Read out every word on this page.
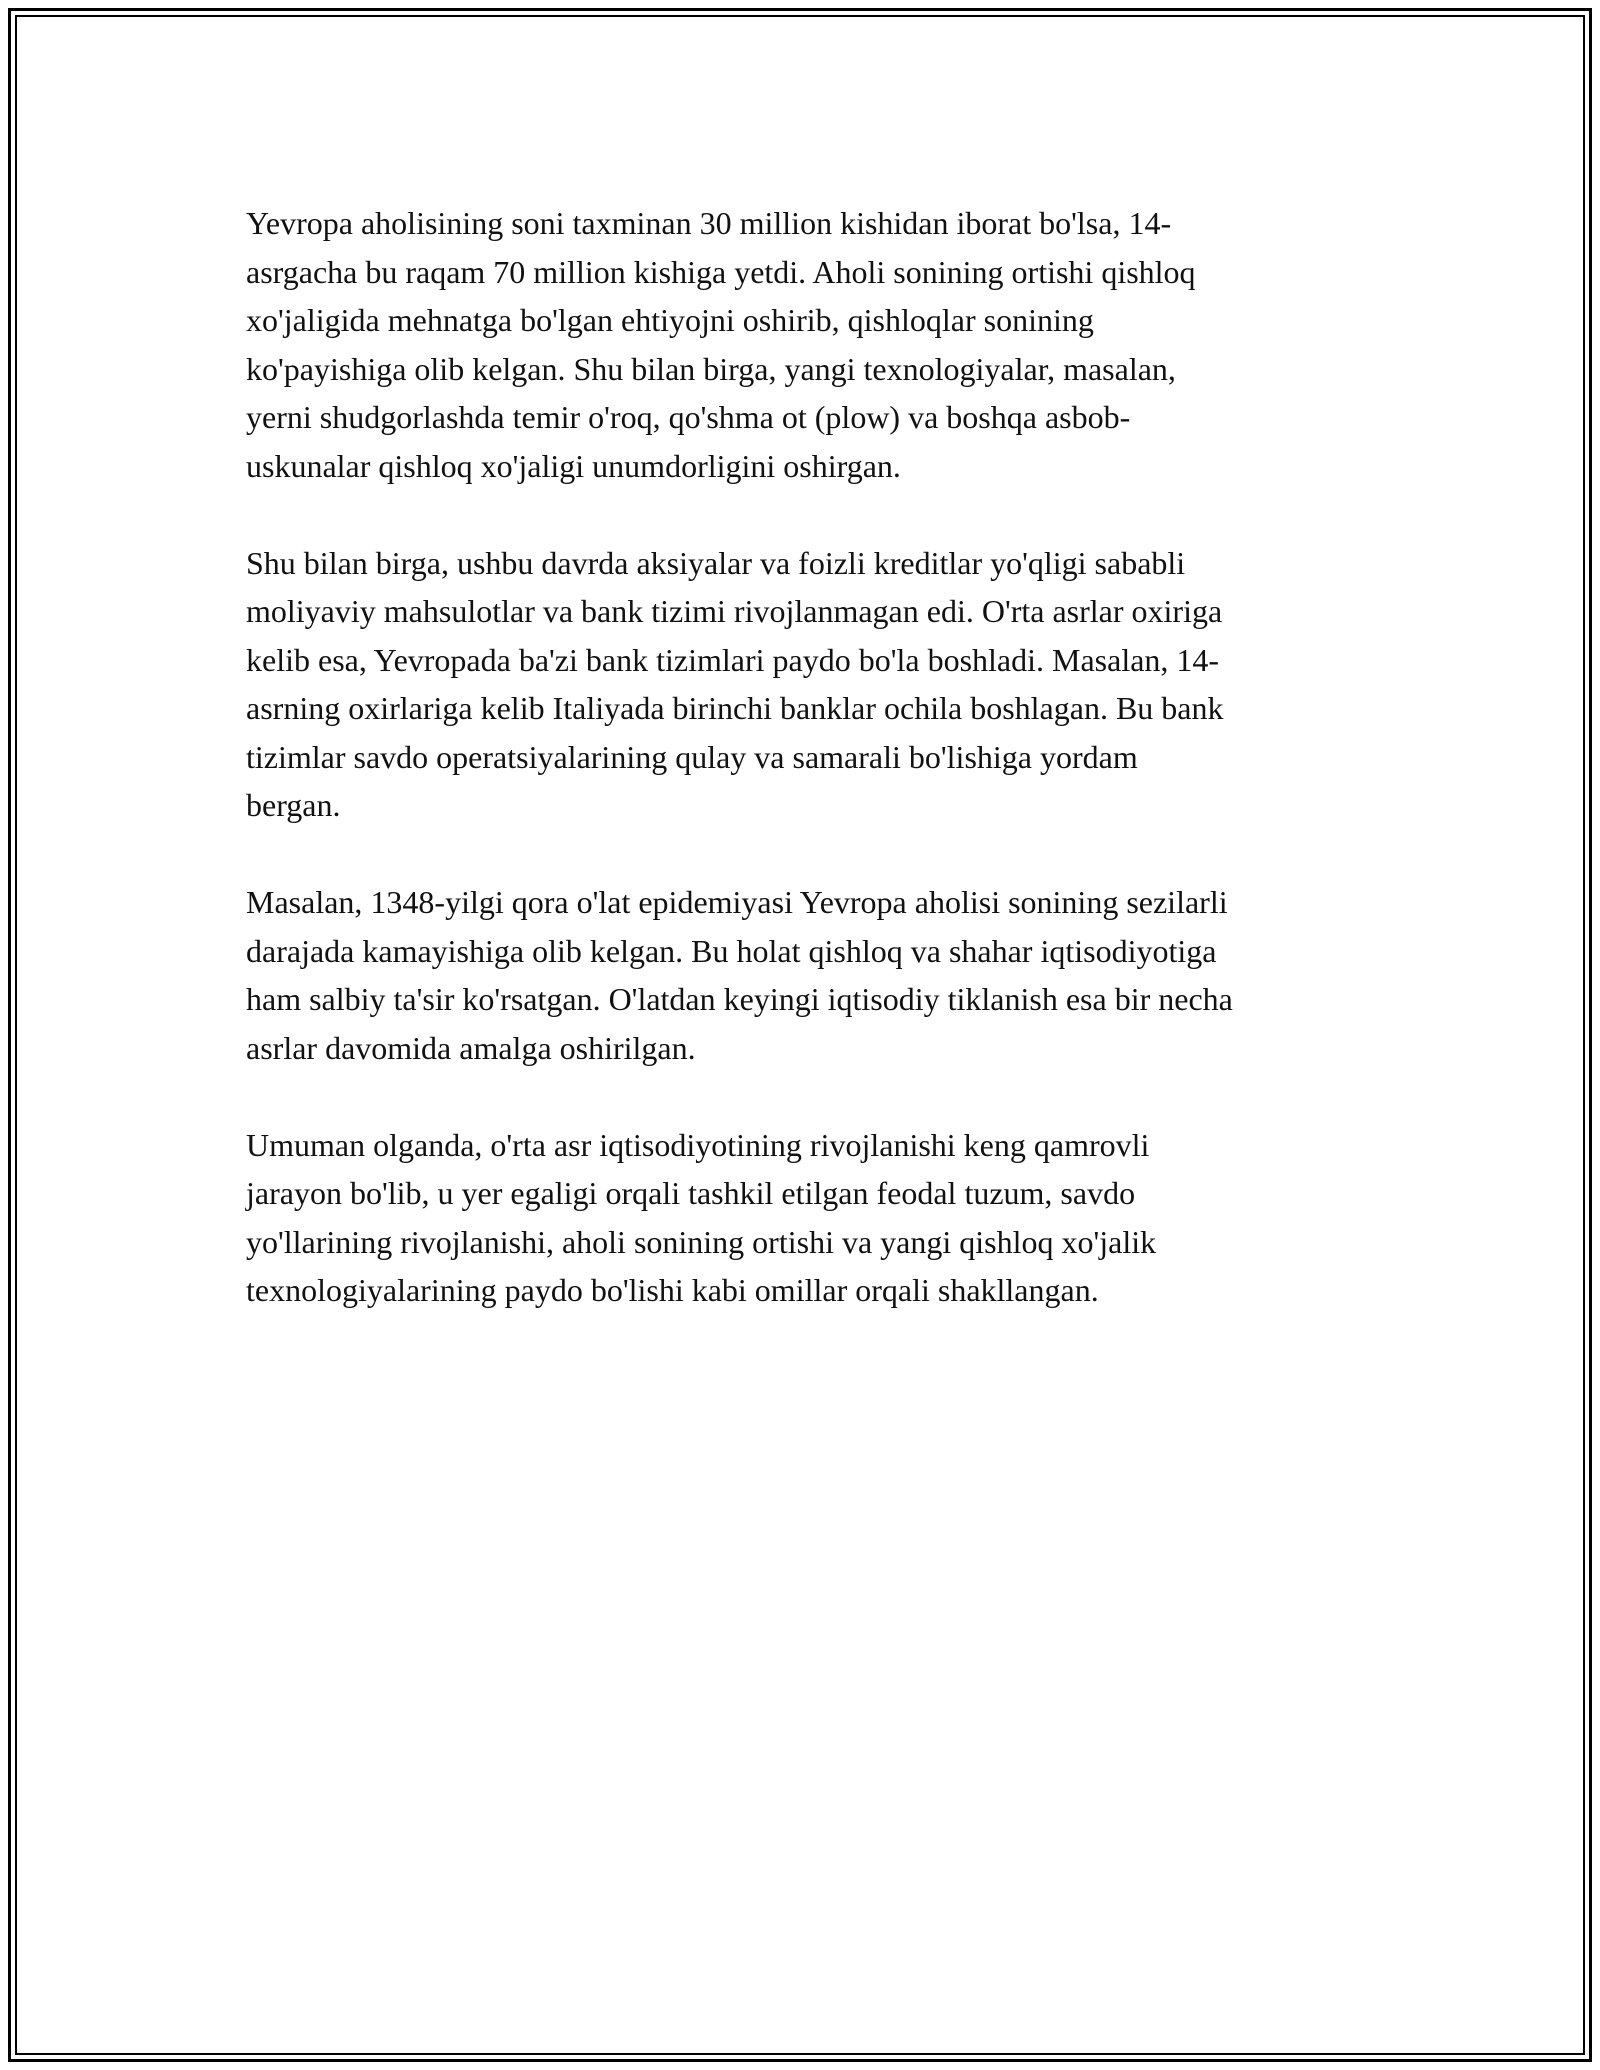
Yevropa aholisining soni taxminan 30 million kishidan iborat bo'lsa, 14-
asrgacha bu raqam 70 million kishiga yetdi. Aholi sonining ortishi qishloq
xo'jaligida mehnatga bo'lgan ehtiyojni oshirib, qishloqlar sonining
ko'payishiga olib kelgan. Shu bilan birga, yangi texnologiyalar, masalan,
yerni shudgorlashda temir o'roq, qo'shma ot (plow) va boshqa asbob-
uskunalar qishloq xo'jaligi unumdorligini oshirgan.

Shu bilan birga, ushbu davrda aksiyalar va foizli kreditlar yo'qligi sababli
moliyaviy mahsulotlar va bank tizimi rivojlanmagan edi. O'rta asrlar oxiriga
kelib esa, Yevropada ba'zi bank tizimlari paydo bo'la boshladi. Masalan, 14-
asrning oxirlariga kelib Italiyada birinchi banklar ochila boshlagan. Bu bank
tizimlar savdo operatsiyalarining qulay va samarali bo'lishiga yordam
bergan.

Masalan, 1348-yilgi qora o'lat epidemiyasi Yevropa aholisi sonining sezilarli
darajada kamayishiga olib kelgan. Bu holat qishloq va shahar iqtisodiyotiga
ham salbiy ta'sir ko'rsatgan. O'latdan keyingi iqtisodiy tiklanish esa bir necha
asrlar davomida amalga oshirilgan.

Umuman olganda, o'rta asr iqtisodiyotining rivojlanishi keng qamrovli
jarayon bo'lib, u yer egaligi orqali tashkil etilgan feodal tuzum, savdo
yo'llarining rivojlanishi, aholi sonining ortishi va yangi qishloq xo'jalik
texnologiyalarining paydo bo'lishi kabi omillar orqali shakllangan.
